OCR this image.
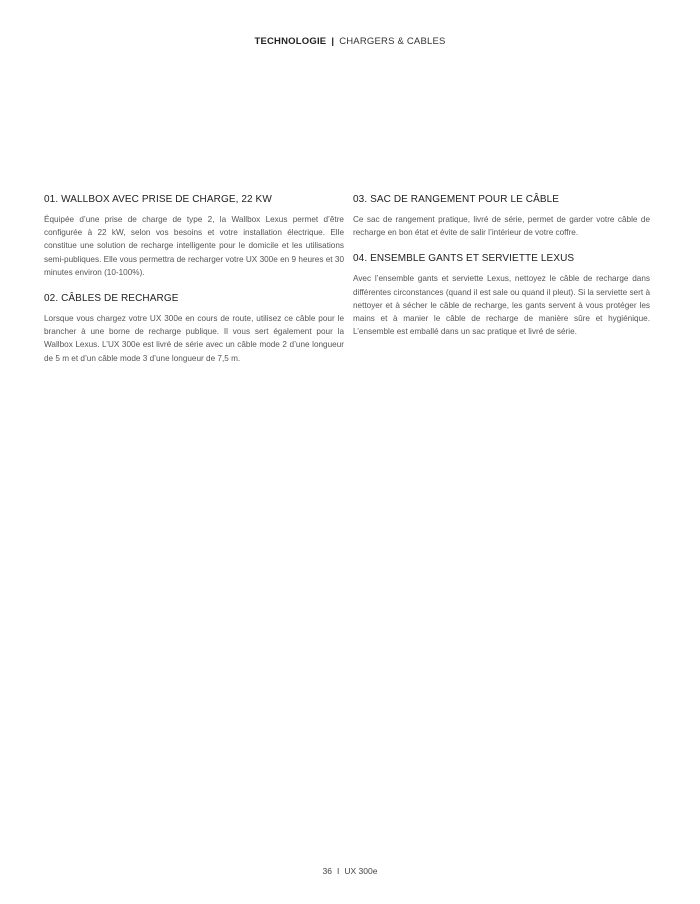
TECHNOLOGIE | CHARGERS & CABLES
01. WALLBOX AVEC PRISE DE CHARGE, 22 KW

Équipée d’une prise de charge de type 2, la Wallbox Lexus permet d’être configurée à 22 kW, selon vos besoins et votre installation électrique. Elle constitue une solution de recharge intelligente pour le domicile et les utilisations semi-publiques. Elle vous permettra de recharger votre UX 300e en 9 heures et 30 minutes environ (10-100%).

02. CÂBLES DE RECHARGE

Lorsque vous chargez votre UX 300e en cours de route, utilisez ce câble pour le brancher à une borne de recharge publique. Il vous sert également pour la Wallbox Lexus. L’UX 300e est livré de série avec un câble mode 2 d’une longueur de 5 m et d’un câble mode 3 d’une longueur de 7,5 m.

03. SAC DE RANGEMENT POUR LE CÂBLE

Ce sac de rangement pratique, livré de série, permet de garder votre câble de recharge en bon état et évite de salir l’intérieur de votre coffre.

04. ENSEMBLE GANTS ET SERVIETTE LEXUS

Avec l’ensemble gants et serviette Lexus, nettoyez le câble de recharge dans différentes circonstances (quand il est sale ou quand il pleut). Si la serviette sert à nettoyer et à sécher le câble de recharge, les gants servent à vous protéger les mains et à manier le câble de recharge de manière sûre et hygiénique. L’ensemble est emballé dans un sac pratique et livré de série.

36 I UX 300e
